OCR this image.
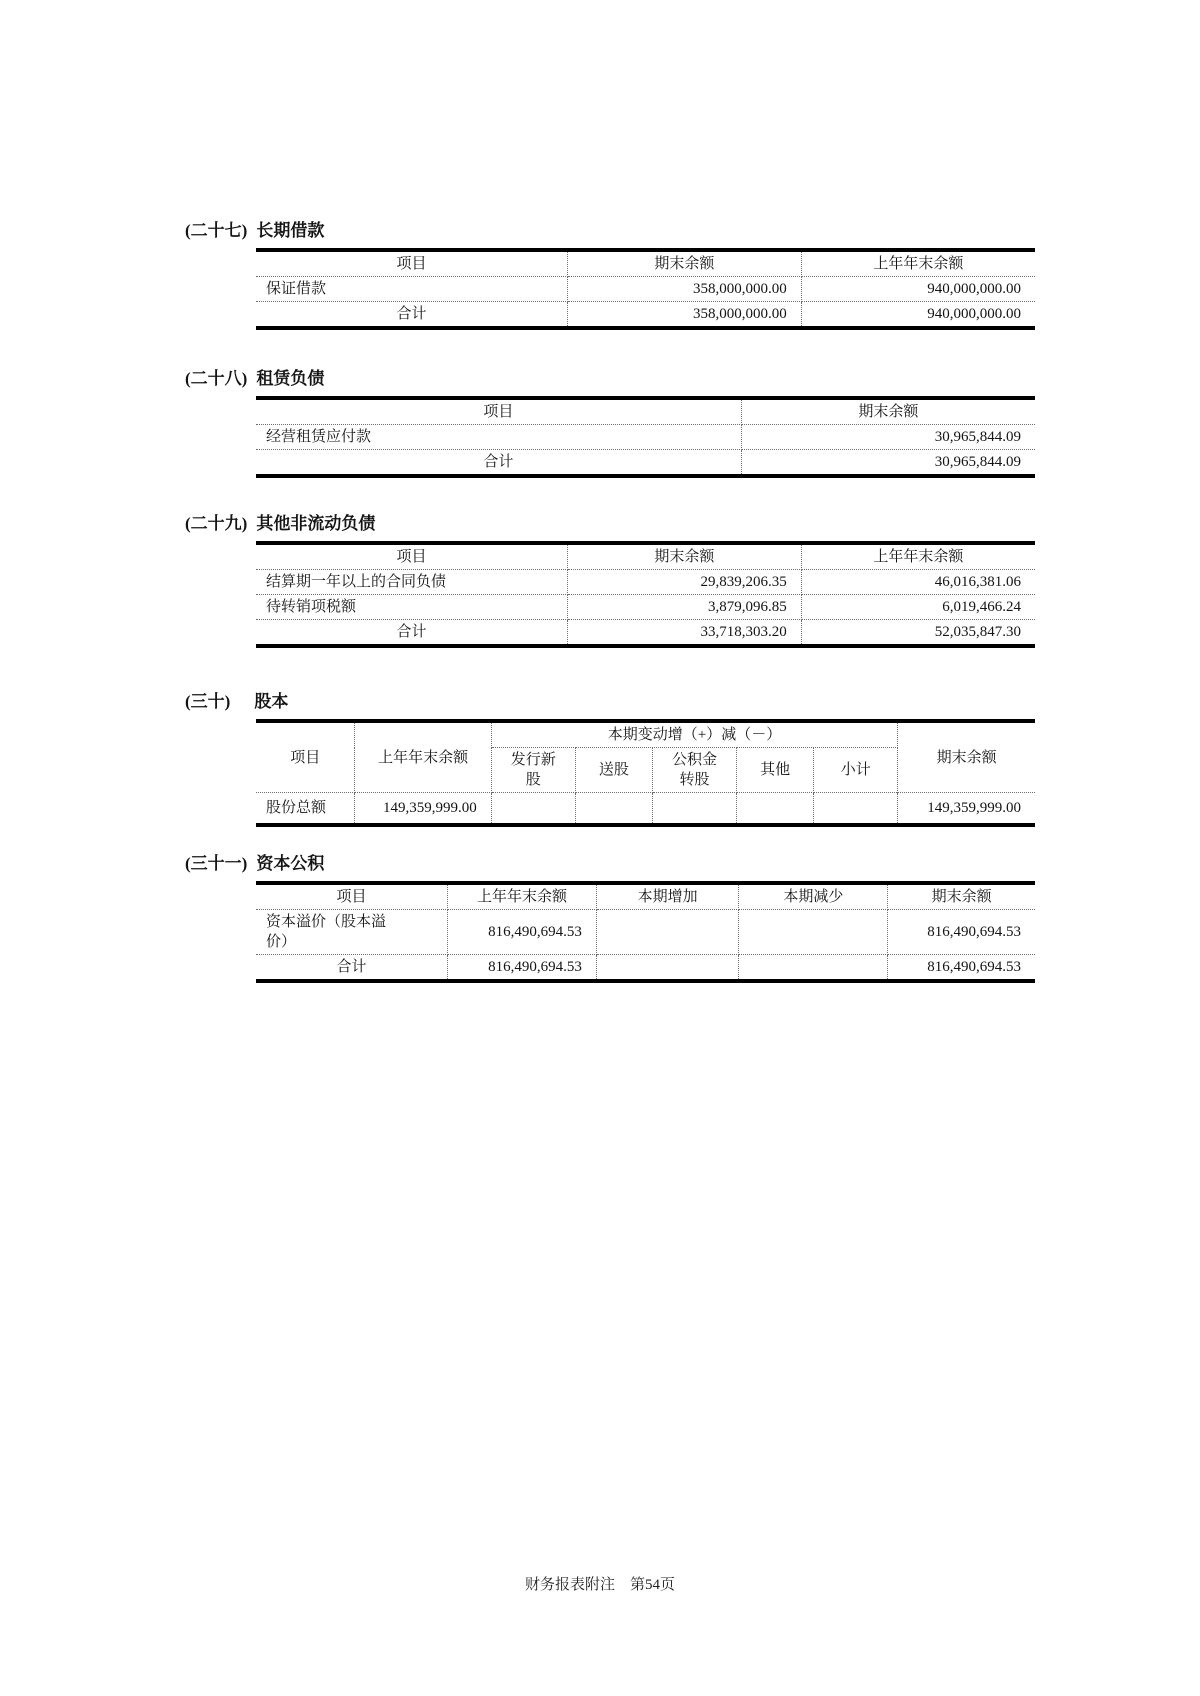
(二十七) 长期借款
项目	期末余额	上年年末余额
保证借款	358,000,000.00	940,000,000.00
合计	358,000,000.00	940,000,000.00
(二十八) 租赁负债
项目	期末余额
经营租赁应付款	30,965,844.09
合计	30,965,844.09
(二十九) 其他非流动负债
项目	期末余额	上年年末余额
结算期一年以上的合同负债	29,839,206.35	46,016,381.06
待转销项税额	3,879,096.85	6,019,466.24
合计	33,718,303.20	52,035,847.30
(三十) 股本
项目	上年年末余额	本期变动增（+）减（－）					期末余额
		发行新股	送股	公积金转股	其他	小计	
股份总额	149,359,999.00						149,359,999.00
(三十一) 资本公积
项目	上年年末余额	本期增加	本期减少	期末余额
资本溢价（股本溢价）	816,490,694.53			816,490,694.53
合计	816,490,694.53			816,490,694.53
财务报表附注　第54页
